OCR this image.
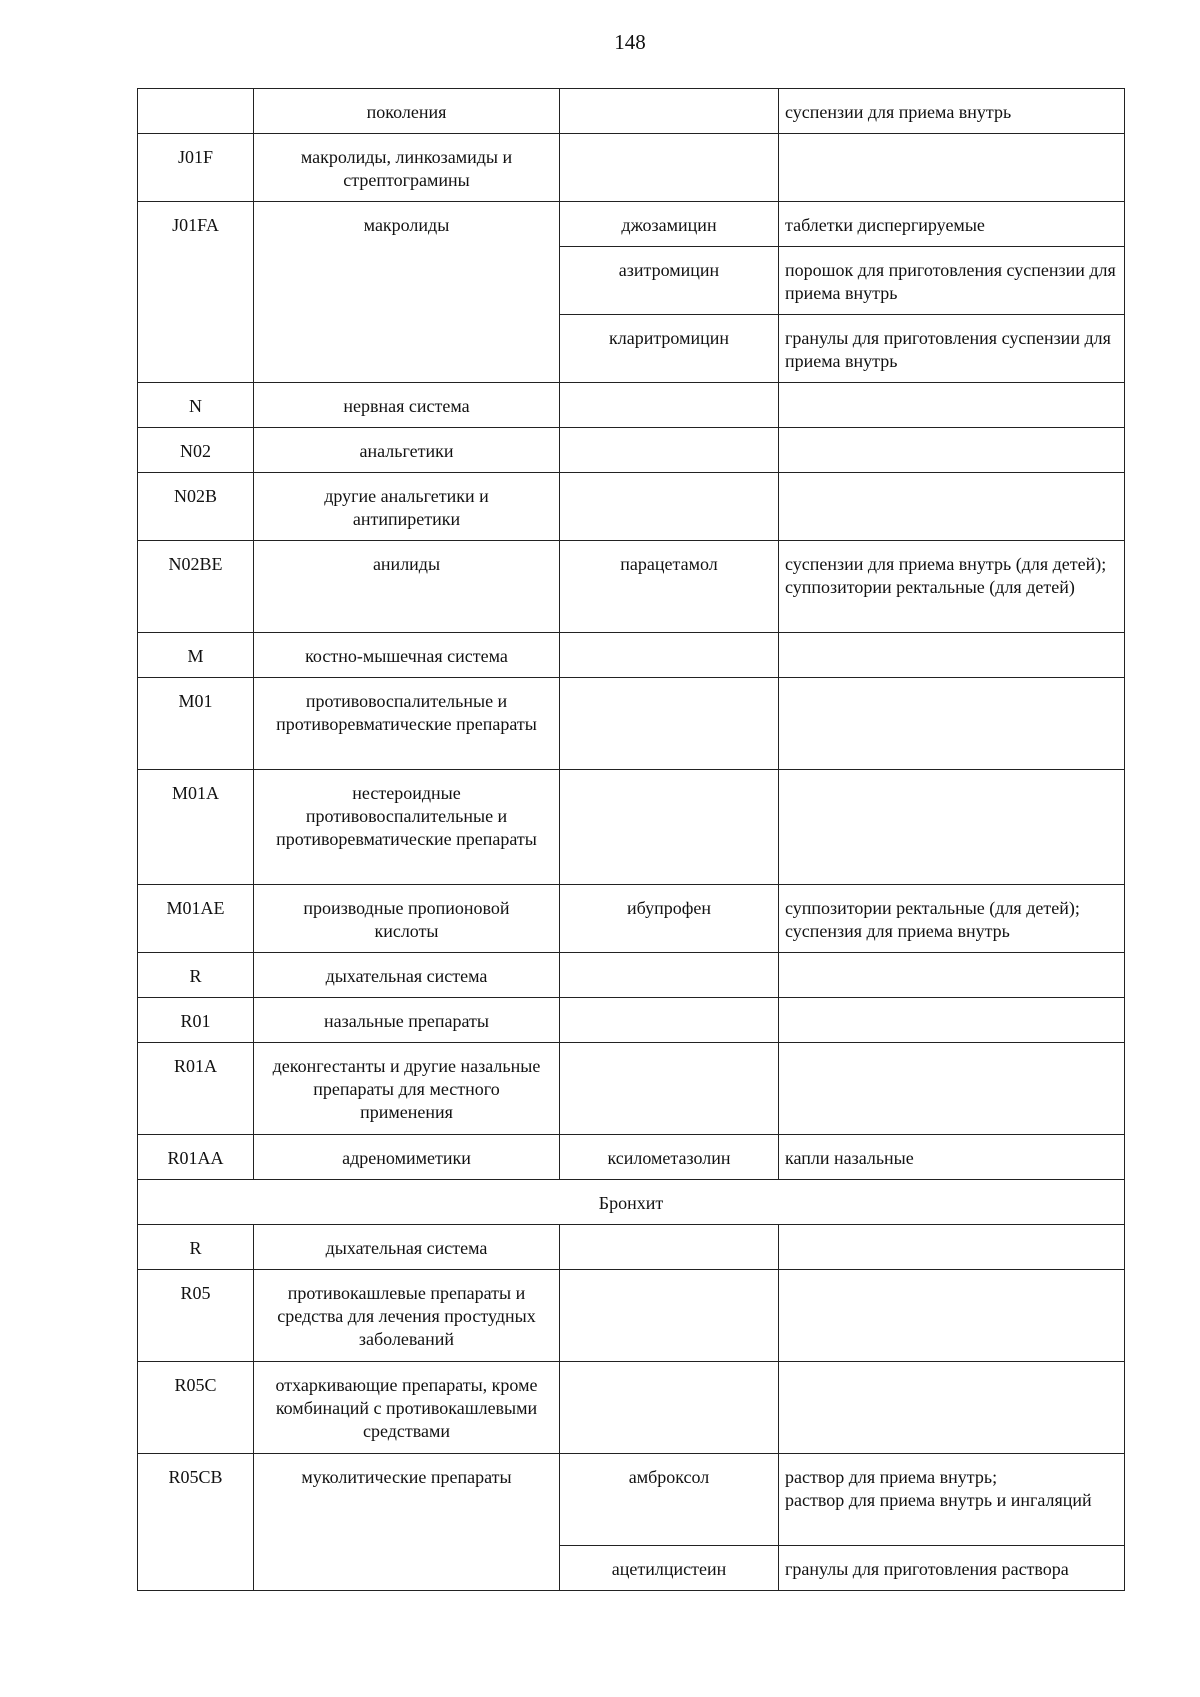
148
	поколения		суспензии для приема внутрь
J01F	макролиды, линкозамиды и стрептограмины		
J01FA	макролиды	джозамицин	таблетки диспергируемые
		азитромицин	порошок для приготовления суспензии для приема внутрь
		кларитромицин	гранулы для приготовления суспензии для приема внутрь
N	нервная система		
N02	анальгетики		
N02B	другие анальгетики и антипиретики		
N02BE	анилиды	парацетамол	суспензии для приема внутрь (для детей);
суппозитории ректальные (для детей)
M	костно-мышечная система		
M01	противовоспалительные и противоревматические препараты		
M01A	нестероидные противовоспалительные и противоревматические препараты		
M01AE	производные пропионовой кислоты	ибупрофен	суппозитории ректальные (для детей); суспензия для приема внутрь
R	дыхательная система		
R01	назальные препараты		
R01A	деконгестанты и другие назальные препараты для местного применения		
R01AA	адреномиметики	ксилометазолин	капли назальные
Бронхит			
R	дыхательная система		
R05	противокашлевые препараты и средства для лечения простудных заболеваний		
R05C	отхаркивающие препараты, кроме комбинаций с противокашлевыми средствами		
R05CB	муколитические препараты	амброксол	раствор для приема внутрь;
раствор для приема внутрь и ингаляций
		ацетилцистеин	гранулы для приготовления раствора
